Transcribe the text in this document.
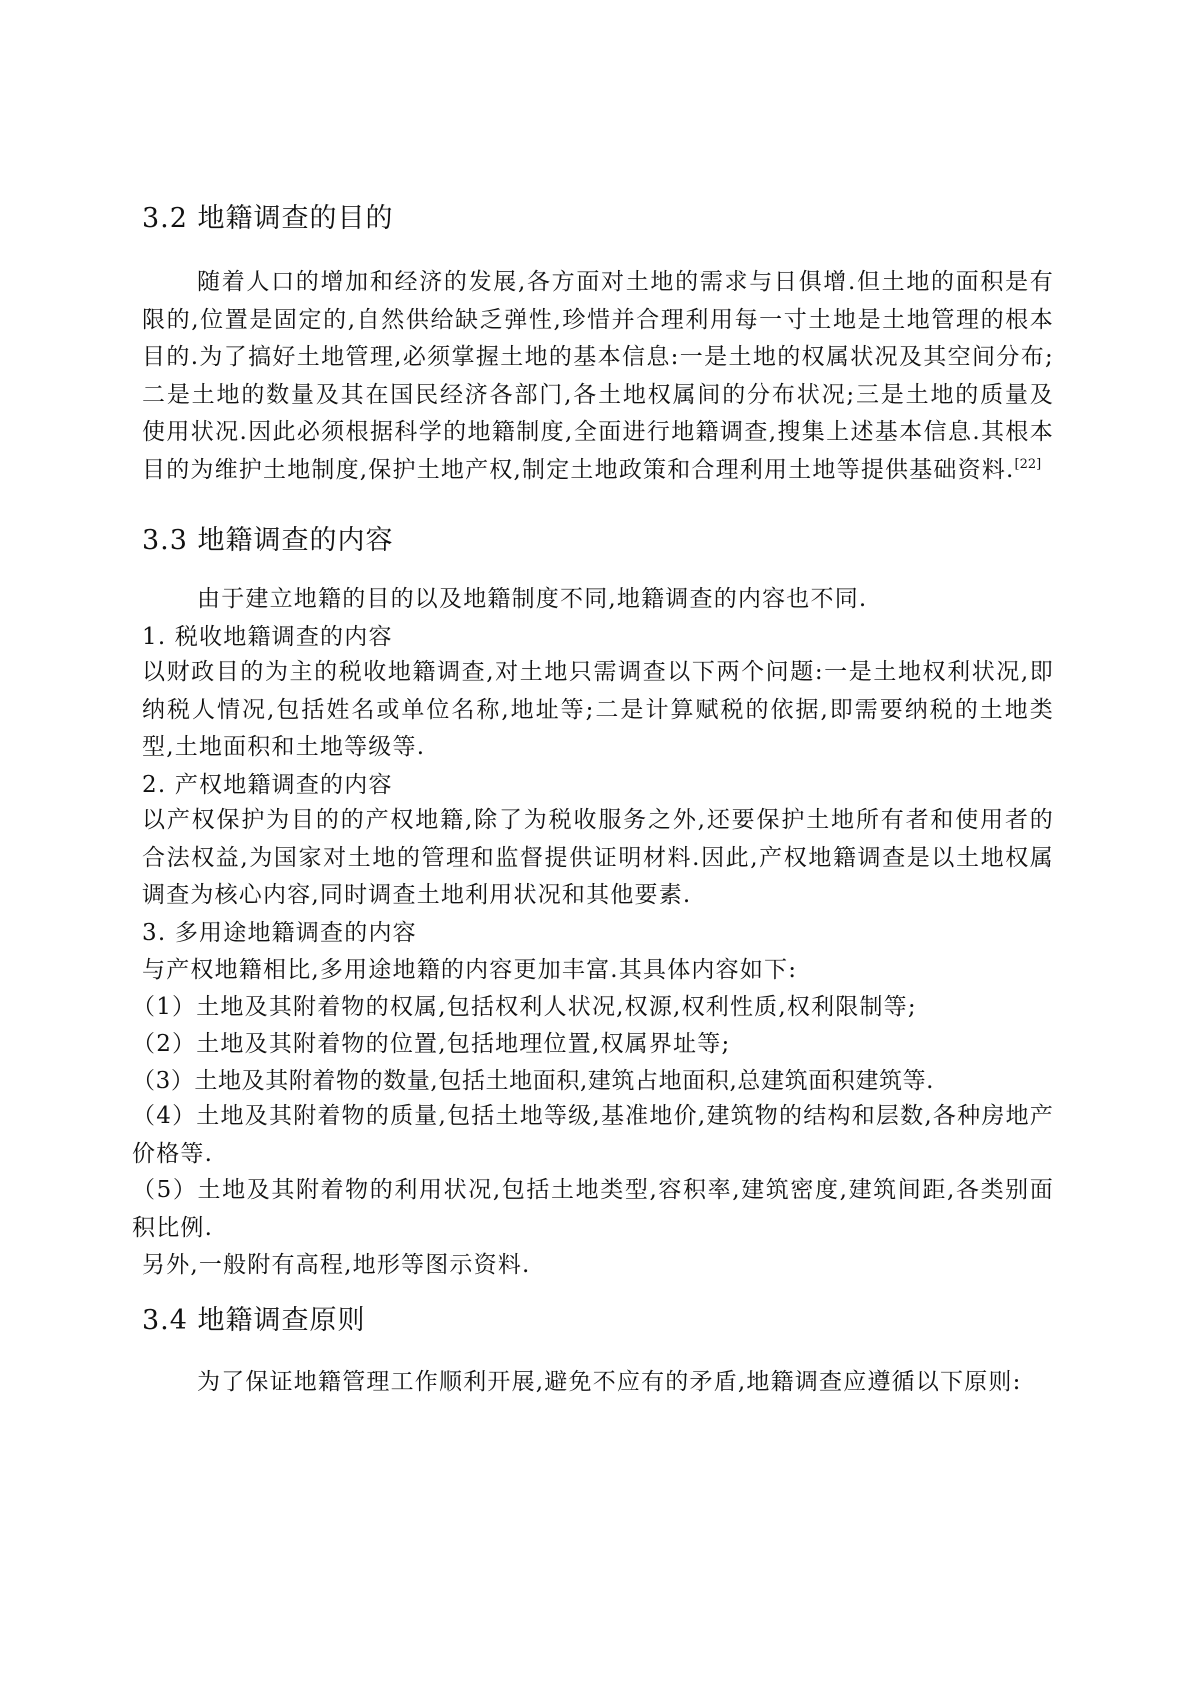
3.2 地籍调查的目的
随着人口的增加和经济的发展,各方面对土地的需求与日俱增.但土地的面积是有限的,位置是固定的,自然供给缺乏弹性,珍惜并合理利用每一寸土地是土地管理的根本目的.为了搞好土地管理,必须掌握土地的基本信息:一是土地的权属状况及其空间分布;二是土地的数量及其在国民经济各部门,各土地权属间的分布状况;三是土地的质量及使用状况.因此必须根据科学的地籍制度,全面进行地籍调查,搜集上述基本信息.其根本目的为维护土地制度,保护土地产权,制定土地政策和合理利用土地等提供基础资料.[22]
3.3 地籍调查的内容
由于建立地籍的目的以及地籍制度不同,地籍调查的内容也不同.
1. 税收地籍调查的内容
以财政目的为主的税收地籍调查,对土地只需调查以下两个问题:一是土地权利状况,即纳税人情况,包括姓名或单位名称,地址等;二是计算赋税的依据,即需要纳税的土地类型,土地面积和土地等级等.
2. 产权地籍调查的内容
以产权保护为目的的产权地籍,除了为税收服务之外,还要保护土地所有者和使用者的合法权益,为国家对土地的管理和监督提供证明材料.因此,产权地籍调查是以土地权属调查为核心内容,同时调查土地利用状况和其他要素.
3. 多用途地籍调查的内容
与产权地籍相比,多用途地籍的内容更加丰富.其具体内容如下:
（1）土地及其附着物的权属,包括权利人状况,权源,权利性质,权利限制等;
（2）土地及其附着物的位置,包括地理位置,权属界址等;
（3）土地及其附着物的数量,包括土地面积,建筑占地面积,总建筑面积建筑等.
（4）土地及其附着物的质量,包括土地等级,基准地价,建筑物的结构和层数,各种房地产价格等.
（5）土地及其附着物的利用状况,包括土地类型,容积率,建筑密度,建筑间距,各类别面积比例.
另外,一般附有高程,地形等图示资料.
3.4 地籍调查原则
为了保证地籍管理工作顺利开展,避免不应有的矛盾,地籍调查应遵循以下原则:
